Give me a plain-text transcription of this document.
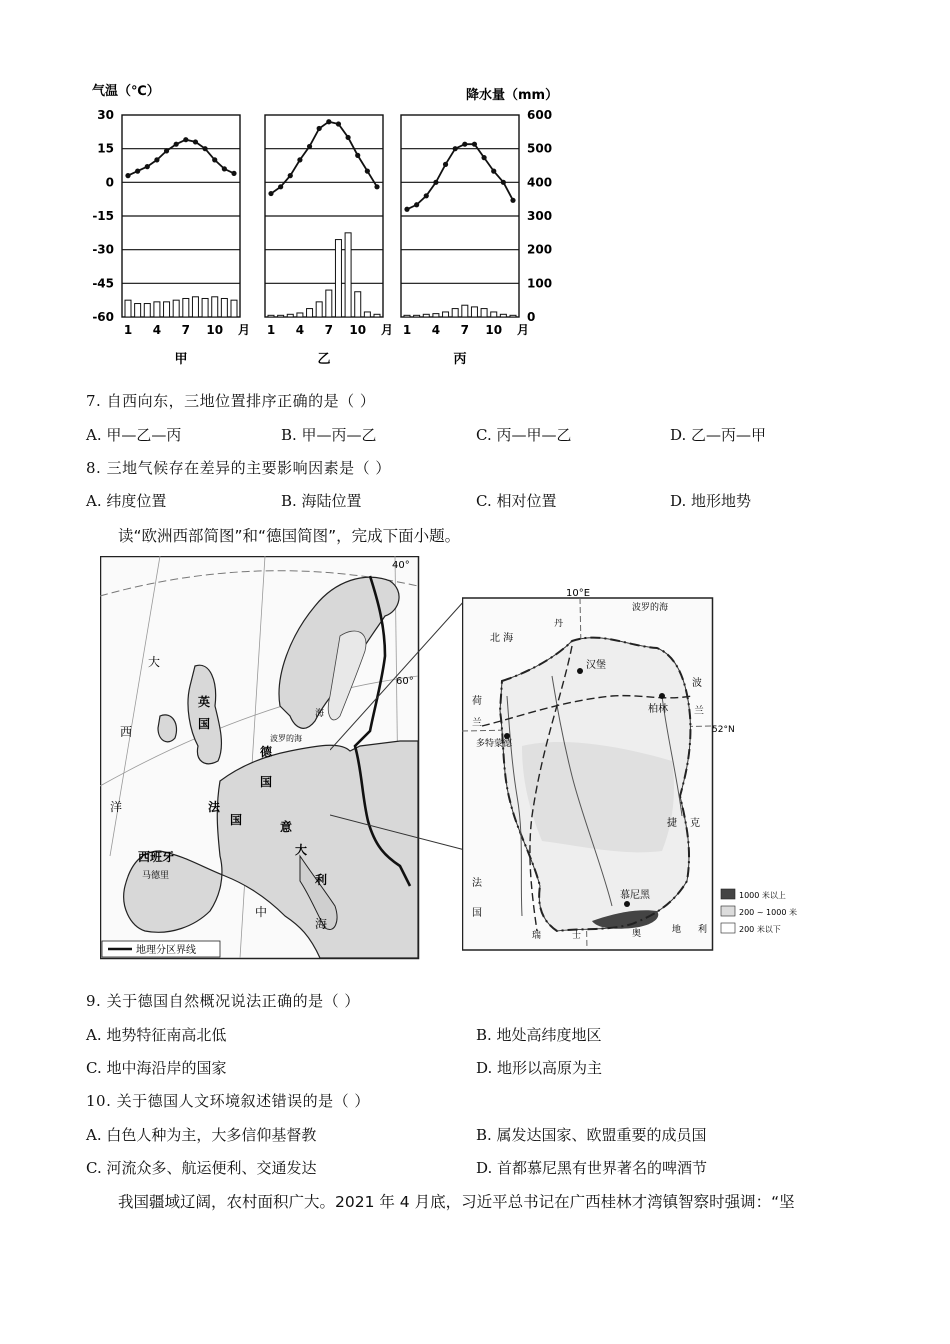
气温（℃）	降水量（mm）
30
15
0
-15
-30
-45
-60
600
500
400
300
200
100
0
1 4 7 10 月
甲
1 4 7 10 月
乙
1 4 7 10 月
丙
7. 自西向东，三地位置排序正确的是（ ）
A. 甲—乙—丙	B. 甲—丙—乙	C. 丙—甲—乙	D. 乙—丙—甲
8. 三地气候存在差异的主要影响因素是（ ）
A. 纬度位置	B. 海陆位置	C. 相对位置	D. 地形地势
读“欧洲西部简图”和“德国简图”，完成下面小题。
英
国
法
国
德
国
西班牙
马德里
大
西
洋
意
大
利
中
海
海
波罗的海
60°
40°
地理分区界线
10°E
52°N
北 海
波罗的海
丹
汉堡
柏林
多特蒙德
慕尼黑
荷
兰
波
兰
捷 克
法
国
瑞	士	奥	地 利
1000 米以上
200 ~ 1000 米
200 米以下
9. 关于德国自然概况说法正确的是（ ）
A. 地势特征南高北低	B. 地处高纬度地区
C. 地中海沿岸的国家	D. 地形以高原为主
10. 关于德国人文环境叙述错误的是（ ）
A. 白色人种为主，大多信仰基督教	B. 属发达国家、欧盟重要的成员国
C. 河流众多、航运便利、交通发达	D. 首都慕尼黑有世界著名的啤酒节
我国疆域辽阔，农村面积广大。2021 年 4 月底，习近平总书记在广西桂林才湾镇智察时强调：“坚
